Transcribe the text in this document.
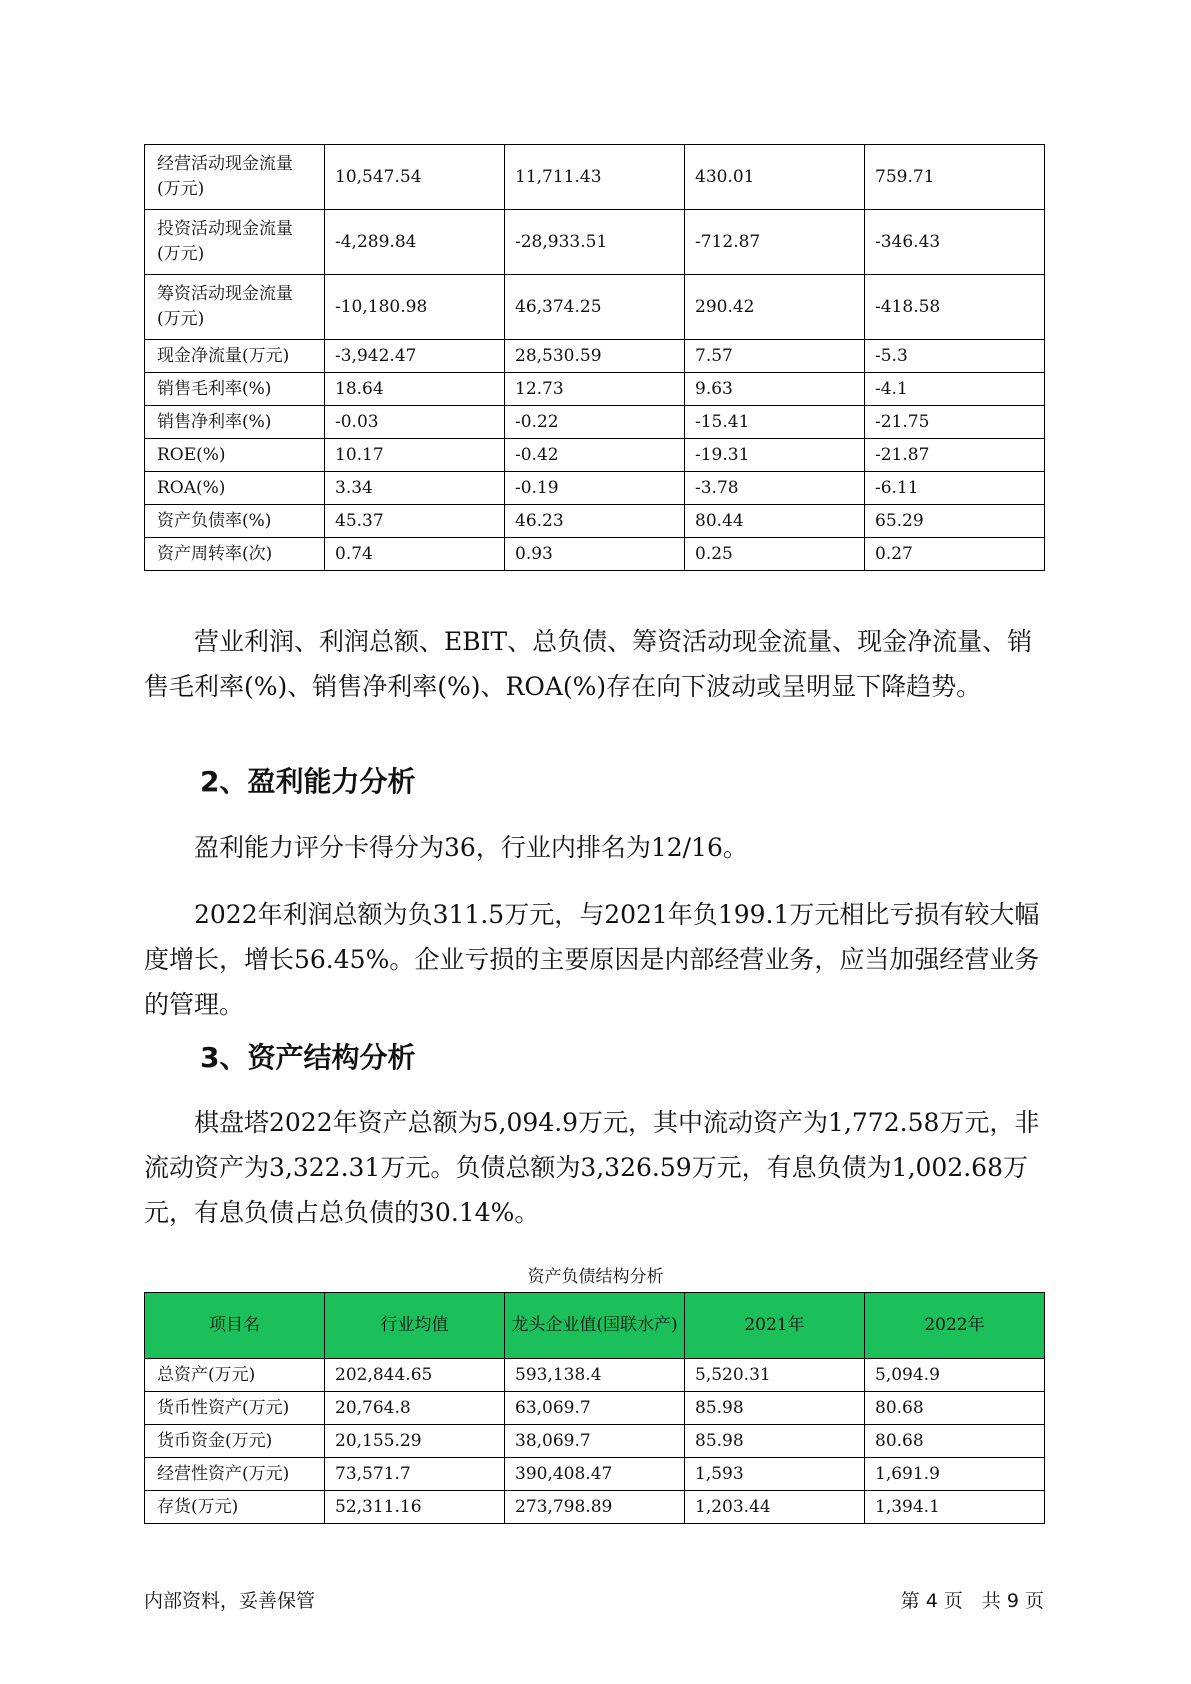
经营活动现金流量(万元)	10,547.54	11,711.43	430.01	759.71
投资活动现金流量(万元)	-4,289.84	-28,933.51	-712.87	-346.43
筹资活动现金流量(万元)	-10,180.98	46,374.25	290.42	-418.58
现金净流量(万元)	-3,942.47	28,530.59	7.57	-5.3
销售毛利率(%)	18.64	12.73	9.63	-4.1
销售净利率(%)	-0.03	-0.22	-15.41	-21.75
ROE(%)	10.17	-0.42	-19.31	-21.87
ROA(%)	3.34	-0.19	-3.78	-6.11
资产负债率(%)	45.37	46.23	80.44	65.29
资产周转率(次)	0.74	0.93	0.25	0.27

　　营业利润、利润总额、EBIT、总负债、筹资活动现金流量、现金净流量、销售毛利率(%)、销售净利率(%)、ROA(%)存在向下波动或呈明显下降趋势。

2、盈利能力分析

　　盈利能力评分卡得分为36，行业内排名为12/16。

　　2022年利润总额为负311.5万元，与2021年负199.1万元相比亏损有较大幅度增长，增长56.45%。企业亏损的主要原因是内部经营业务，应当加强经营业务的管理。

3、资产结构分析

　　棋盘塔2022年资产总额为5,094.9万元，其中流动资产为1,772.58万元，非流动资产为3,322.31万元。负债总额为3,326.59万元，有息负债为1,002.68万元，有息负债占总负债的30.14%。

资产负债结构分析
项目名	行业均值	龙头企业值(国联水产)	2021年	2022年
总资产(万元)	202,844.65	593,138.4	5,520.31	5,094.9
货币性资产(万元)	20,764.8	63,069.7	85.98	80.68
货币资金(万元)	20,155.29	38,069.7	85.98	80.68
经营性资产(万元)	73,571.7	390,408.47	1,593	1,691.9
存货(万元)	52,311.16	273,798.89	1,203.44	1,394.1
内部资料，妥善保管	第 4 页　共 9 页
